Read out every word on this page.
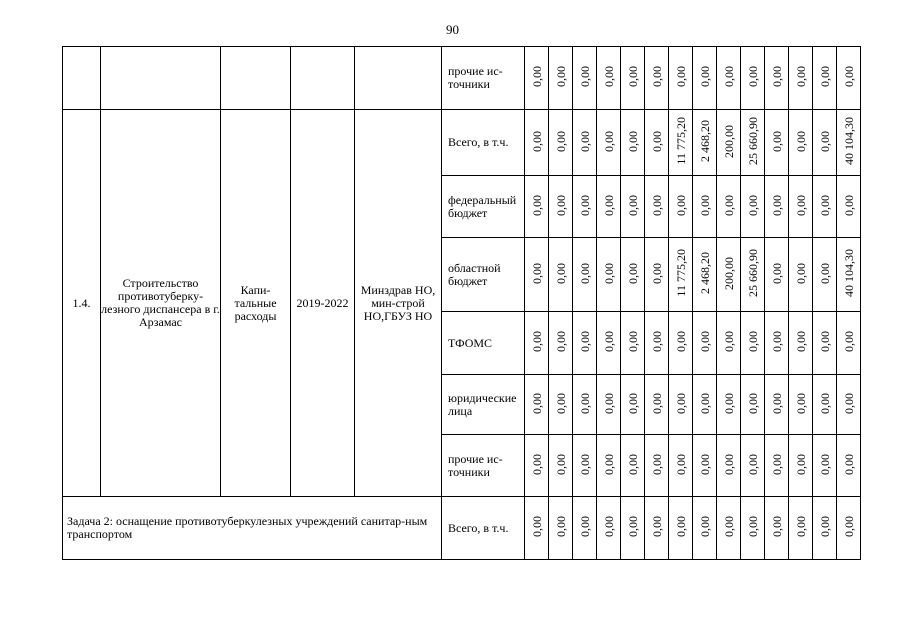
90
					прочие ис-
точники	0,00	0,00	0,00	0,00	0,00	0,00	0,00	0,00	0,00	0,00	0,00	0,00	0,00	0,00
1.4.	Строительство противотуберку-лезного диспансера в г. Арзамас	Капи-тальные расходы	2019-2022	Минздрав НО, мин-строй НО,ГБУЗ НО	Всего, в т.ч.	0,00	0,00	0,00	0,00	0,00	0,00	11 775,20	2 468,20	200,00	25 660,90	0,00	0,00	0,00	40 104,30
					федеральный
бюджет	0,00	0,00	0,00	0,00	0,00	0,00	0,00	0,00	0,00	0,00	0,00	0,00	0,00	0,00
					областной
бюджет	0,00	0,00	0,00	0,00	0,00	0,00	11 775,20	2 468,20	200,00	25 660,90	0,00	0,00	0,00	40 104,30
					ТФОМС	0,00	0,00	0,00	0,00	0,00	0,00	0,00	0,00	0,00	0,00	0,00	0,00	0,00	0,00
					юридические
лица	0,00	0,00	0,00	0,00	0,00	0,00	0,00	0,00	0,00	0,00	0,00	0,00	0,00	0,00
					прочие ис-
точники	0,00	0,00	0,00	0,00	0,00	0,00	0,00	0,00	0,00	0,00	0,00	0,00	0,00	0,00
Задача 2: оснащение противотуберкулезных учреждений санитар-ным транспортом					Всего, в т.ч.	0,00	0,00	0,00	0,00	0,00	0,00	0,00	0,00	0,00	0,00	0,00	0,00	0,00	0,00
